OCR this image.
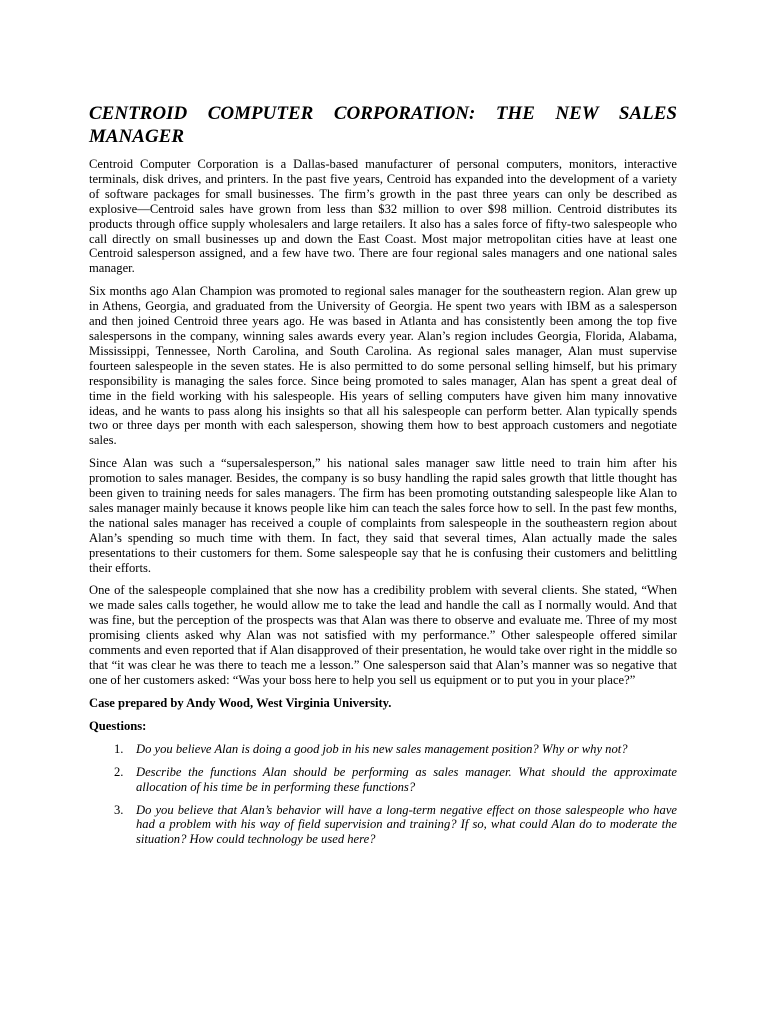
CENTROID COMPUTER CORPORATION: THE NEW SALES MANAGER

Centroid Computer Corporation is a Dallas-based manufacturer of personal computers, monitors, interactive terminals, disk drives, and printers. In the past five years, Centroid has expanded into the development of a variety of software packages for small businesses. The firm’s growth in the past three years can only be described as explosive—Centroid sales have grown from less than $32 million to over $98 million. Centroid distributes its products through office supply wholesalers and large retailers. It also has a sales force of fifty-two salespeople who call directly on small businesses up and down the East Coast. Most major metropolitan cities have at least one Centroid salesperson assigned, and a few have two. There are four regional sales managers and one national sales manager.

Six months ago Alan Champion was promoted to regional sales manager for the southeastern region. Alan grew up in Athens, Georgia, and graduated from the University of Georgia. He spent two years with IBM as a salesperson and then joined Centroid three years ago. He was based in Atlanta and has consistently been among the top five salespersons in the company, winning sales awards every year. Alan’s region includes Georgia, Florida, Alabama, Mississippi, Tennessee, North Carolina, and South Carolina. As regional sales manager, Alan must supervise fourteen salespeople in the seven states. He is also permitted to do some personal selling himself, but his primary responsibility is managing the sales force. Since being promoted to sales manager, Alan has spent a great deal of time in the field working with his salespeople. His years of selling computers have given him many innovative ideas, and he wants to pass along his insights so that all his salespeople can perform better. Alan typically spends two or three days per month with each salesperson, showing them how to best approach customers and negotiate sales.

Since Alan was such a “supersalesperson,” his national sales manager saw little need to train him after his promotion to sales manager. Besides, the company is so busy handling the rapid sales growth that little thought has been given to training needs for sales managers. The firm has been promoting outstanding salespeople like Alan to sales manager mainly because it knows people like him can teach the sales force how to sell. In the past few months, the national sales manager has received a couple of complaints from salespeople in the southeastern region about Alan’s spending so much time with them. In fact, they said that several times, Alan actually made the sales presentations to their customers for them. Some salespeople say that he is confusing their customers and belittling their efforts.

One of the salespeople complained that she now has a credibility problem with several clients. She stated, “When we made sales calls together, he would allow me to take the lead and handle the call as I normally would. And that was fine, but the perception of the prospects was that Alan was there to observe and evaluate me. Three of my most promising clients asked why Alan was not satisfied with my performance.” Other salespeople offered similar comments and even reported that if Alan disapproved of their presentation, he would take over right in the middle so that “it was clear he was there to teach me a lesson.” One salesperson said that Alan’s manner was so negative that one of her customers asked: “Was your boss here to help you sell us equipment or to put you in your place?”

Case prepared by Andy Wood, West Virginia University.

Questions:

1. Do you believe Alan is doing a good job in his new sales management position? Why or why not?
2. Describe the functions Alan should be performing as sales manager. What should the approximate allocation of his time be in performing these functions?
3. Do you believe that Alan’s behavior will have a long-term negative effect on those salespeople who have had a problem with his way of field supervision and training? If so, what could Alan do to moderate the situation? How could technology be used here?
